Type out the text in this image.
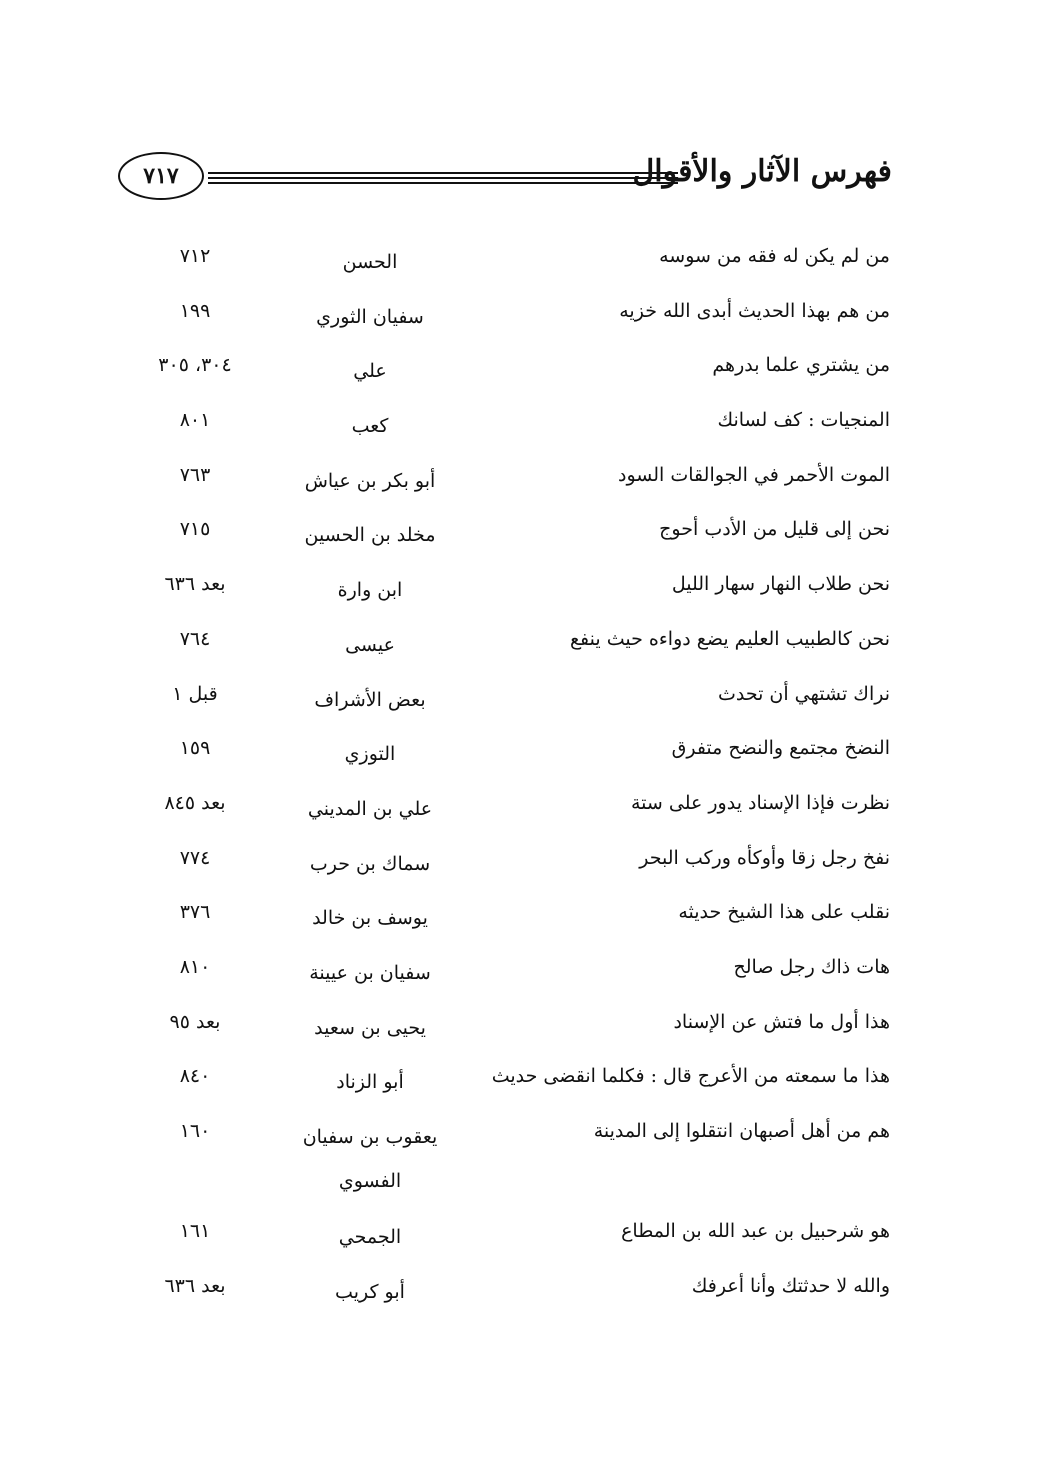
فهرس الآثار والأقوال
٧١٧
من لم يكن له فقه من سوسه
الحسن
٧١٢
من هم بهذا الحديث أبدى الله خزيه
سفيان الثوري
١٩٩
من يشتري علما بدرهم
علي
٣٠٤، ٣٠٥
المنجيات : كف لسانك
كعب
٨٠١
الموت الأحمر في الجوالقات السود
أبو بكر بن عياش
٧٦٣
نحن إلى قليل من الأدب أحوج
مخلد بن الحسين
٧١٥
نحن طلاب النهار سهار الليل
ابن وارة
بعد ٦٣٦
نحن كالطبيب العليم يضع دواءه حيث ينفع
عيسى
٧٦٤
نراك تشتهي أن تحدث
بعض الأشراف
قبل ١
النضخ مجتمع والنضح متفرق
التوزي
١٥٩
نظرت فإذا الإسناد يدور على ستة
علي بن المديني
بعد ٨٤٥
نفخ رجل زقا وأوكأه وركب البحر
سماك بن حرب
٧٧٤
نقلب على هذا الشيخ حديثه
يوسف بن خالد
٣٧٦
هات ذاك رجل صالح
سفيان بن عيينة
٨١٠
هذا أول ما فتش عن الإسناد
يحيى بن سعيد
بعد ٩٥
هذا ما سمعته من الأعرج قال : فكلما انقضى حديث
أبو الزناد
٨٤٠
هم من أهل أصبهان انتقلوا إلى المدينة
يعقوب بن سفيان الفسوي
١٦٠
هو شرحبيل بن عبد الله بن المطاع
الجمحي
١٦١
والله لا حدثتك وأنا أعرفك
أبو كريب
بعد ٦٣٦
